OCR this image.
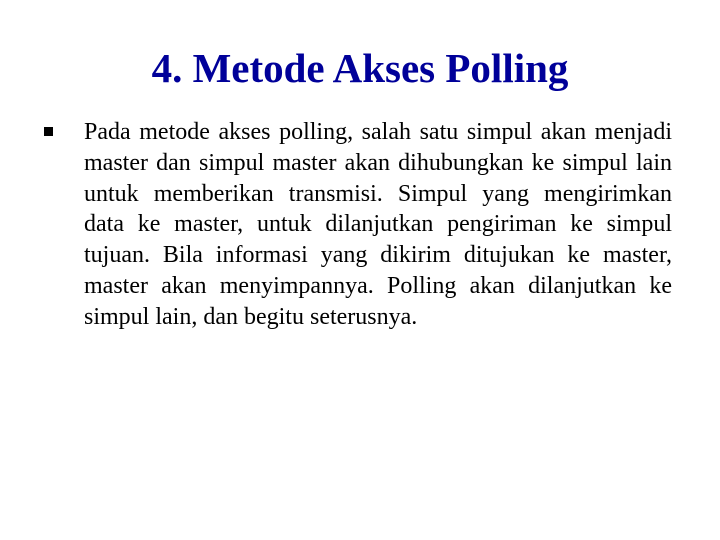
4. Metode Akses Polling
Pada metode akses polling, salah satu simpul akan menjadi master dan simpul master akan dihubungkan ke simpul lain untuk memberikan transmisi. Simpul yang mengirimkan data ke master, untuk dilanjutkan pengiriman ke simpul tujuan. Bila informasi yang dikirim ditujukan ke master, master akan menyimpannya. Polling akan dilanjutkan ke simpul lain, dan begitu seterusnya.
